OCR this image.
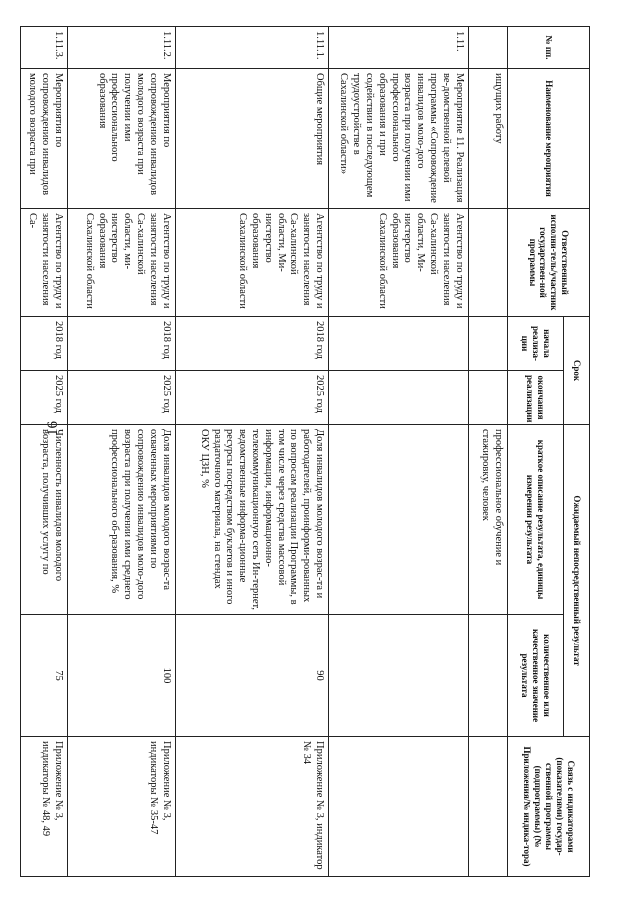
16
№ пп.	Наименование мероприятия	Ответственный исполни-тель/участник государствен-ной программы	Срок		Ожидаемый непосредственный результат		Связь с индикаторами (показателями) государ-ственной программы (подпрограммы) (№ Приложения/№ индика-тора)
			начала реализа-ции	окончания реализации	краткое описание результата, единицы измерения результата	количественное или качественное значение результата	
	ищущих работу				профессиональное обучение и стажировку, человек		
1.11.	Мероприятие 11. Реализация ве-домственной целевой программы «Сопровождение инвалидов моло-дого возраста при получении ими профессионального образования и при содействии в последующем трудоустройстве в Сахалинской области»	Агентство по труду и занятости населения Са-халинской области, Ми-нистерство образования Сахалинской области					
1.11.1.	Общие мероприятия	Агентство по труду и занятости населения Са-халинской области, Ми-нистерство образования Сахалинской области	2018 год	2025 год	Доля инвалидов молодого возрас-та и работодателей, проинформи-рованных по вопросам реализации Программы, в том числе через средства массовой информации, информационно-телекоммуникационную сеть Ин-тернет, ведомственные информа-ционные ресурсы посредством буклетов и иного раздаточного материала, на стендах ОКУ ЦЗН, %	90	Приложение № 3, индикатор № 34
1.11.2.	Мероприятия по сопровождению инвалидов молодого возраста при получении ими профессионального образования	Агентство по труду и занятости населения Са-халинской области, ми-нистерство образования Сахалинской области	2018 год	2025 год	Доля инвалидов молодого возрас-та охваченных мероприятиями по сопровождению инвалидов моло-дого возраста при получении ими среднего профессионального об-разования, %	100	Приложение № 3, индикаторы № 35-47
1.11.3.	Мероприятия по сопровождению инвалидов молодого возраста при	Агентство по труду и занятости населения Са-	2018 год	2025 год	Численность инвалидов молодого возраста, получивших услугу по	75	Приложение № 3, индикаторы № 48, 49
